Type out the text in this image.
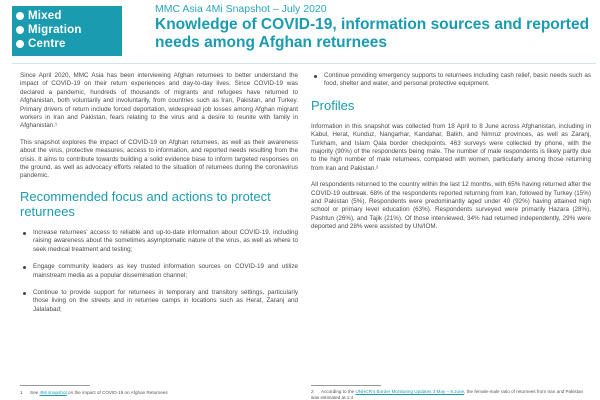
Mixed
Migration
Centre
MMC Asia 4Mi Snapshot – July 2020
Knowledge of COVID-19, information sources and reported needs among Afghan returnees

Since April 2020, MMC Asia has been interviewing Afghan returnees to better understand the impact of COVID-19 on their return experiences and day-to-day lives. Since COVID-19 was declared a pandemic, hundreds of thousands of migrants and refugees have returned to Afghanistan, both voluntarily and involuntarily, from countries such as Iran, Pakistan, and Turkey. Primary drivers of return include forced deportation, widespread job losses among Afghan migrant workers in Iran and Pakistan, fears relating to the virus and a desire to reunite with family in Afghanistan.¹

This snapshot explores the impact of COVID-19 on Afghan returnees, as well as their awareness about the virus, protective measures, access to information, and reported needs resulting from the crisis. It aims to contribute towards building a solid evidence base to inform targeted responses on the ground, as well as advocacy efforts related to the situation of returnees during the coronavirus pandemic.

Recommended focus and actions to protect returnees
Increase returnees' access to reliable and up-to-date information about COVID-19, including raising awareness about the sometimes asymptomatic nature of the virus, as well as where to seek medical treatment and testing;
Engage community leaders as key trusted information sources on COVID-19 and utilize mainstream media as a popular dissemination channel;
Continue to provide support for returnees in temporary and transitory settings, particularly those living on the streets and in returnee camps in locations such as Herat, Zaranj and Jalalabad;
Continue providing emergency supports to returnees including cash relief, basic needs such as food, shelter and water, and personal protective equipment.
Profiles

Information in this snapshot was collected from 18 April to 8 June across Afghanistan, including in Kabul, Herat, Kunduz, Nangarhar, Kandahar, Balkh, and Nimruz provinces, as well as Zaranj, Turkham, and Islam Qala border checkpoints. 463 surveys were collected by phone, with the majority (90%) of the respondents being male. The number of male respondents is likely partly due to the high number of male returnees, compared with women, particularly among those returning from Iran and Pakistan.²

All respondents returned to the country within the last 12 months, with 65% having returned after the COVID-19 outbreak. 68% of the respondents reported returning from Iran, followed by Turkey (15%) and Pakistan (5%). Respondents were predominantly aged under 40 (92%) having attained high school or primary level education (63%). Respondents surveyed were primarily Hazara (28%), Pashtun (26%), and Tajik (21%). Of those interviewed, 34% had returned independently, 29% were deported and 28% were assisted by UN/IOM.

1 See 4Mi snapshot on the impact of COVID-19 on Afghan Returnees	2 According to the UNHCR's Border Monitoring Updates 3 May – 6 June, the female-male ratio of returnees from Iran and Pakistan was estimated at 1:4
